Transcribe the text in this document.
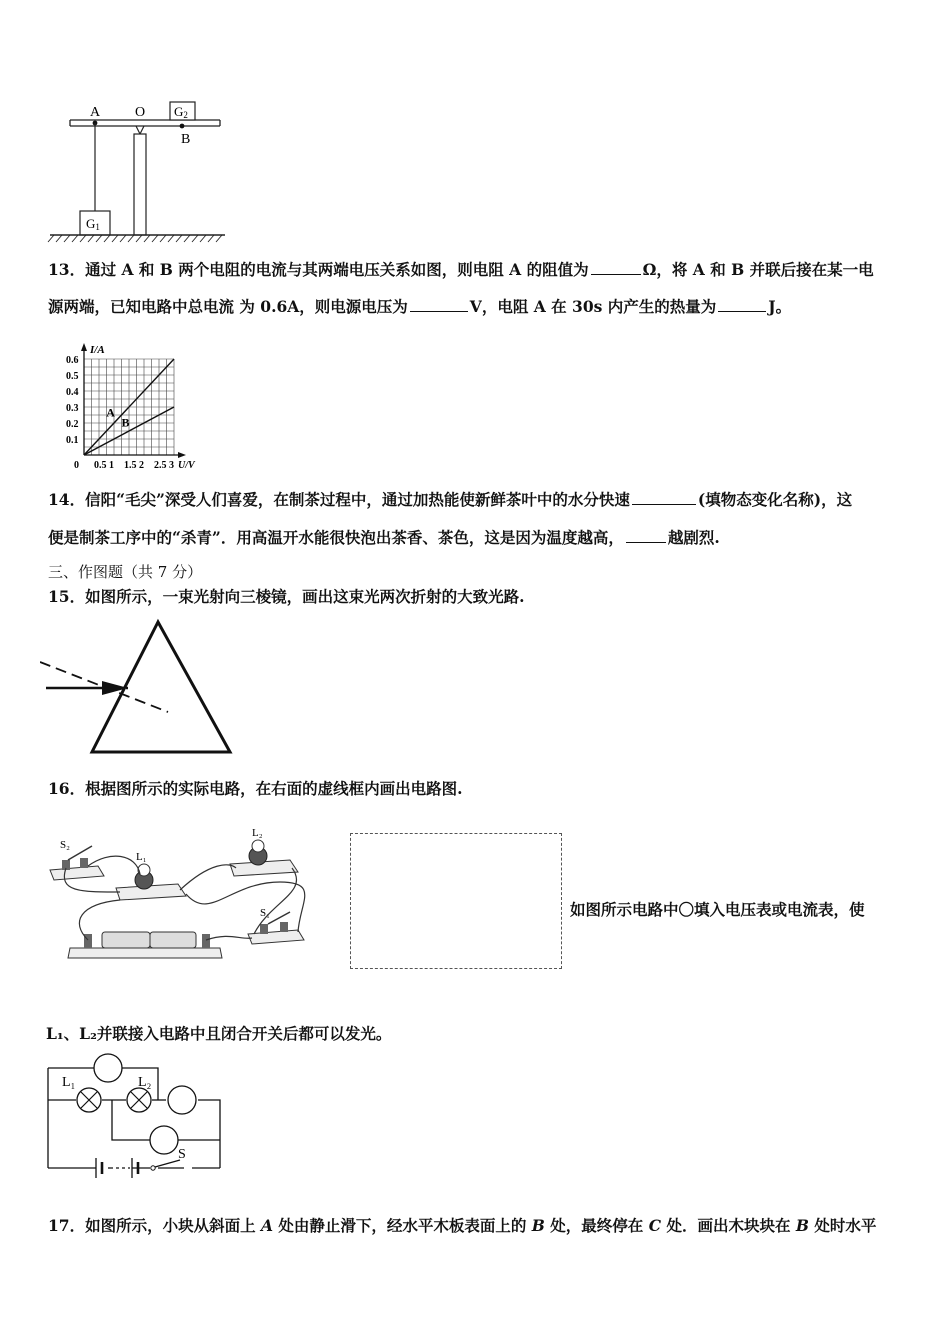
A O
B
G2
G1
13．通过 A 和 B 两个电阻的电流与其两端电压关系如图，则电阻 A 的阻值为	Ω，将 A 和 B 并联后接在某一电
源两端，已知电路中总电流 为 0.6A，则电源电压为	V，电阻 A 在 30s 内产生的热量为	J。
0.1
0.2
0.3
0.4
0.5
0.6
0.5 1 1.5 2 2.5 3
0
I/A
U/V
A
B
14．信阳“毛尖”深受人们喜爱，在制茶过程中，通过加热能使新鲜茶叶中的水分快速	(填物态变化名称)，这
便是制茶工序中的“杀青”．用高温开水能很快泡出茶香、茶色，这是因为温度越高，	越剧烈.
三、作图题（共 7 分）
15．如图所示，一束光射向三棱镜，画出这束光两次折射的大致光路.
16．根据图所示的实际电路，在右面的虚线框内画出电路图.
S₂
L₁
L₂
S₁	如图所示电路中〇填入电压表或电流表，使
L₁、L₂并联接入电路中且闭合开关后都可以发光。
L₁	L₂
S
17．如图所示，小块从斜面上 A 处由静止滑下，经水平木板表面上的 B 处，最终停在 C 处．画出木块块在 B 处时水平
